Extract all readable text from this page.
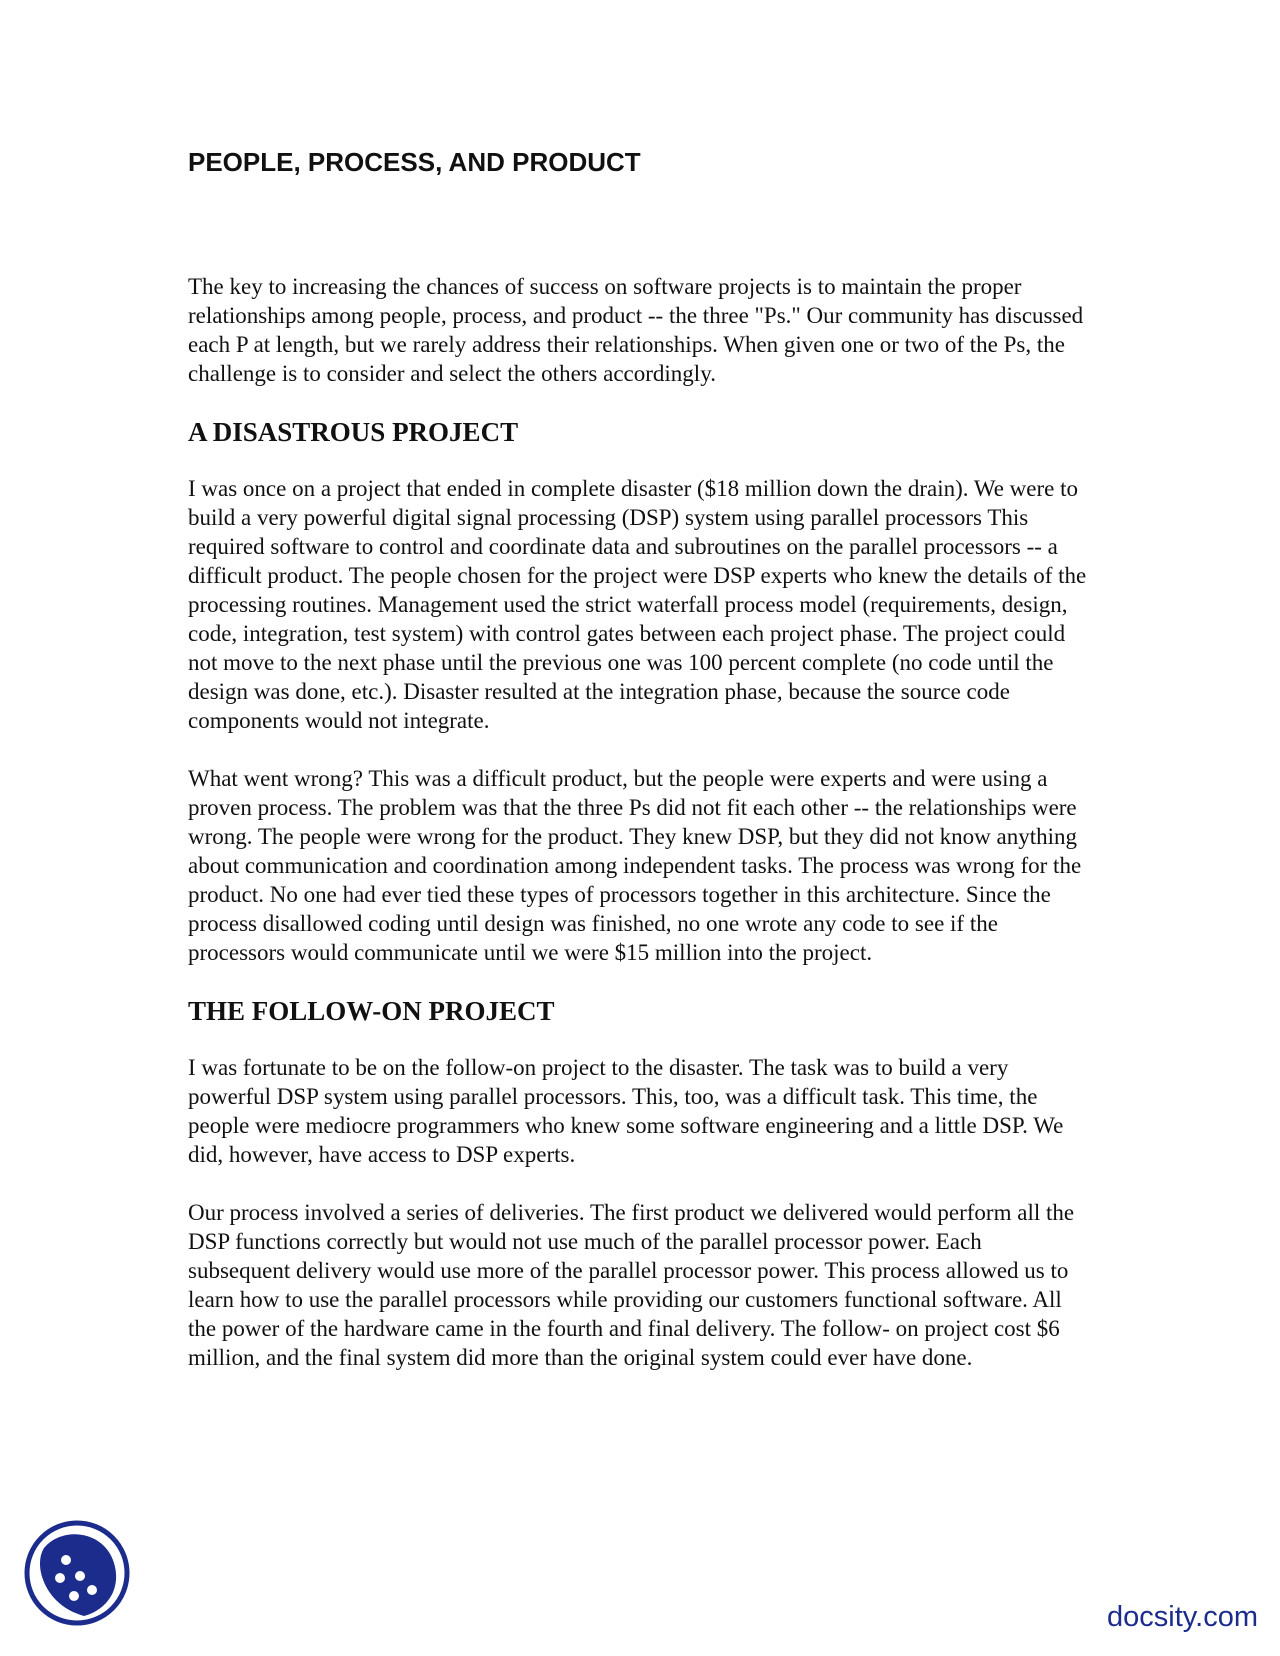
PEOPLE, PROCESS, AND PRODUCT

The key to increasing the chances of success on software projects is to maintain the proper relationships among people, process, and product -- the three "Ps." Our community has discussed each P at length, but we rarely address their relationships. When given one or two of the Ps, the challenge is to consider and select the others accordingly.

A DISASTROUS PROJECT

I was once on a project that ended in complete disaster ($18 million down the drain). We were to build a very powerful digital signal processing (DSP) system using parallel processors This required software to control and coordinate data and subroutines on the parallel processors -- a difficult product. The people chosen for the project were DSP experts who knew the details of the processing routines. Management used the strict waterfall process model (requirements, design, code, integration, test system) with control gates between each project phase. The project could not move to the next phase until the previous one was 100 percent complete (no code until the design was done, etc.). Disaster resulted at the integration phase, because the source code components would not integrate.

What went wrong? This was a difficult product, but the people were experts and were using a proven process. The problem was that the three Ps did not fit each other -- the relationships were wrong. The people were wrong for the product. They knew DSP, but they did not know anything about communication and coordination among independent tasks. The process was wrong for the product. No one had ever tied these types of processors together in this architecture. Since the process disallowed coding until design was finished, no one wrote any code to see if the processors would communicate until we were $15 million into the project.

THE FOLLOW-ON PROJECT

I was fortunate to be on the follow-on project to the disaster. The task was to build a very powerful DSP system using parallel processors. This, too, was a difficult task. This time, the people were mediocre programmers who knew some software engineering and a little DSP. We did, however, have access to DSP experts.

Our process involved a series of deliveries. The first product we delivered would perform all the DSP functions correctly but would not use much of the parallel processor power. Each subsequent delivery would use more of the parallel processor power. This process allowed us to learn how to use the parallel processors while providing our customers functional software. All the power of the hardware came in the fourth and final delivery. The follow- on project cost $6 million, and the final system did more than the original system could ever have done.

docsity.com
